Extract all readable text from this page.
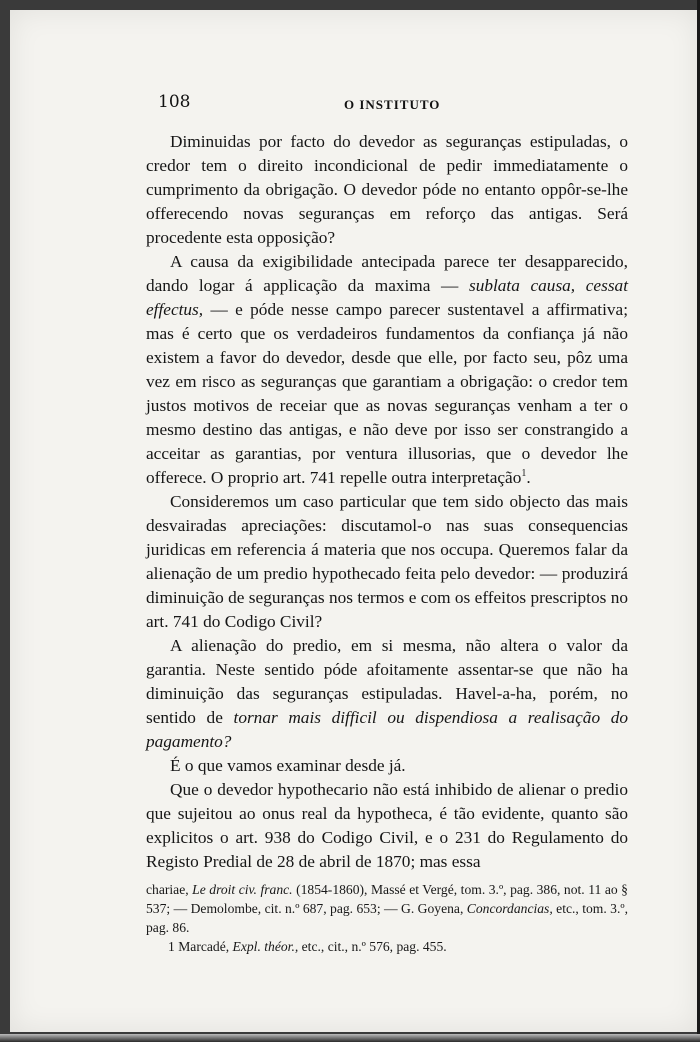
108	O INSTITUTO

Diminuidas por facto do devedor as seguranças estipuladas, o credor tem o direito incondicional de pedir immediatamente o cumprimento da obrigação. O devedor póde no entanto oppôr-se-lhe offerecendo novas seguranças em reforço das antigas. Será procedente esta opposição?

A causa da exigibilidade antecipada parece ter desapparecido, dando logar á applicação da maxima — sublata causa, cessat effectus, — e póde nesse campo parecer sustentavel a affirmativa; mas é certo que os verdadeiros fundamentos da confiança já não existem a favor do devedor, desde que elle, por facto seu, pôz uma vez em risco as seguranças que garantiam a obrigação: o credor tem justos motivos de receiar que as novas seguranças venham a ter o mesmo destino das antigas, e não deve por isso ser constrangido a acceitar as garantias, por ventura illusorias, que o devedor lhe offerece. O proprio art. 741 repelle outra interpretação$^1$.

Consideremos um caso particular que tem sido objecto das mais desvairadas apreciações: discutamol-o nas suas consequencias juridicas em referencia á materia que nos occupa. Queremos falar da alienação de um predio hypothecado feita pelo devedor: — produzirá diminuição de seguranças nos termos e com os effeitos prescriptos no art. 741 do Codigo Civil?

A alienação do predio, em si mesma, não altera o valor da garantia. Neste sentido póde afoitamente assentar-se que não ha diminuição das seguranças estipuladas. Havel-a-ha, porém, no sentido de tornar mais difficil ou dispendiosa a realisação do pagamento?

É o que vamos examinar desde já.

Que o devedor hypothecario não está inhibido de alienar o predio que sujeitou ao onus real da hypotheca, é tão evidente, quanto são explicitos o art. 938 do Codigo Civil, e o 231 do Regulamento do Registo Predial de 28 de abril de 1870; mas essa

chariae, Le droit civ. franc. (1854-1860), Massé et Vergé, tom. 3.º, pag. 386, not. 11 ao § 537; — Demolombe, cit. n.º 687, pag. 653; — G. Goyena, Concordancias, etc., tom. 3.º, pag. 86.

1 Marcadé, Expl. théor., etc., cit., n.º 576, pag. 455.
